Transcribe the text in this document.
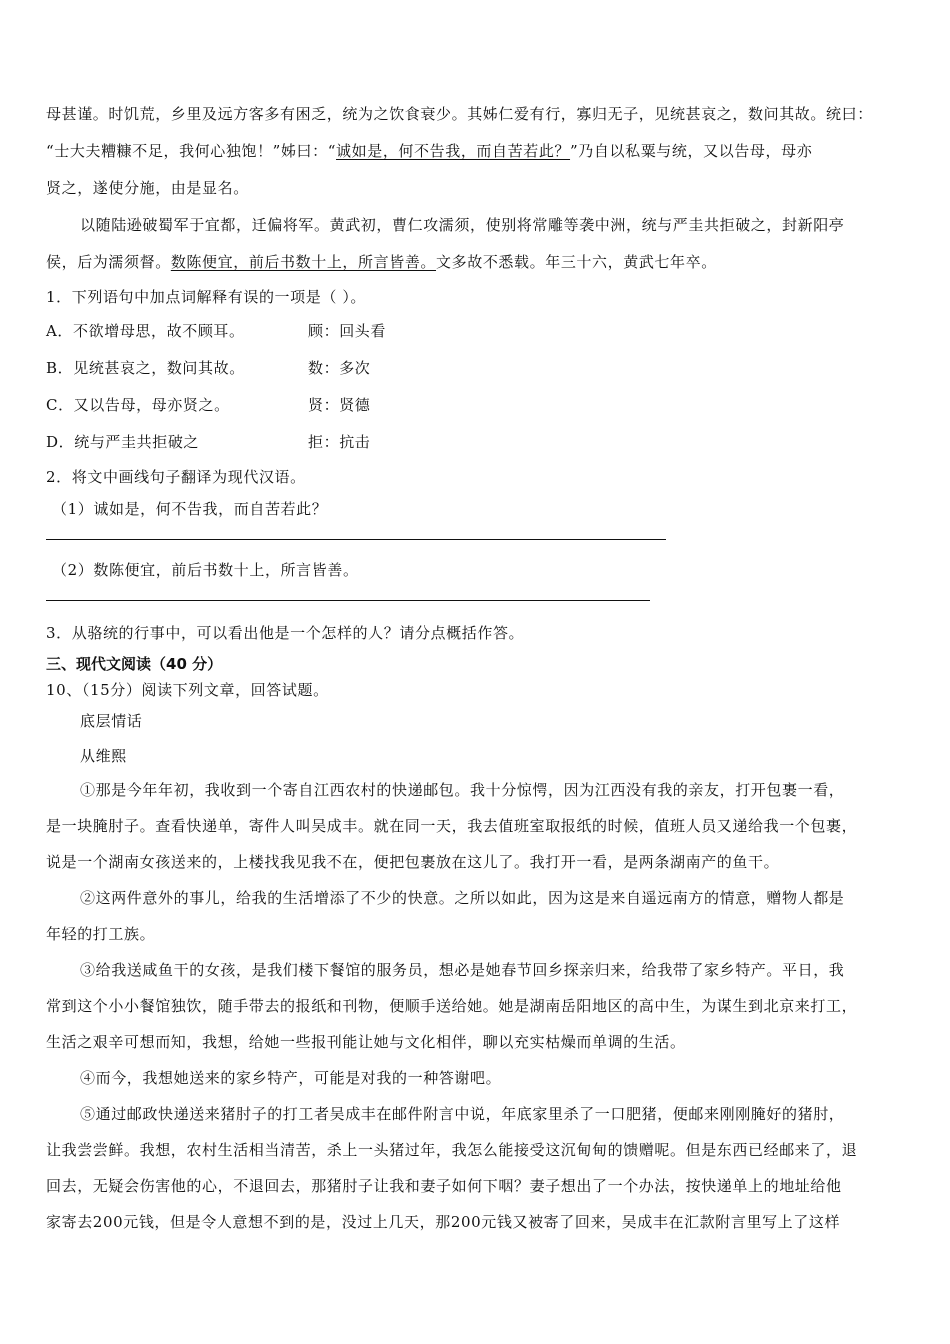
母甚谨。时饥荒，乡里及远方客多有困乏，统为之饮食衰少。其姊仁爱有行，寡归无子，见统甚哀之，数问其故。统曰：
“士大夫糟糠不足，我何心独饱！”姊曰：“诚如是，何不告我，而自苦若此？”乃自以私粟与统，又以告母，母亦
贤之，遂使分施，由是显名。
以随陆逊破蜀军于宜都，迁偏将军。黄武初，曹仁攻濡须，使别将常雕等袭中洲，统与严圭共拒破之，封新阳亭
侯，后为濡须督。数陈便宜，前后书数十上，所言皆善。文多故不悉载。年三十六，黄武七年卒。
1．下列语句中加点词解释有误的一项是（ ）。
A．不欲增母思，故不顾耳。	顾：回头看
B．见统甚哀之，数问其故。	数：多次
C．又以告母，母亦贤之。	贤：贤德
D．统与严圭共拒破之	拒：抗击
2．将文中画线句子翻译为现代汉语。
（1）诚如是，何不告我，而自苦若此？
（2）数陈便宜，前后书数十上，所言皆善。
3．从骆统的行事中，可以看出他是一个怎样的人？请分点概括作答。
三、现代文阅读（40 分）
10、（15分）阅读下列文章，回答试题。
底层情话
从维熙
①那是今年年初，我收到一个寄自江西农村的快递邮包。我十分惊愕，因为江西没有我的亲友，打开包裹一看，
是一块腌肘子。查看快递单，寄件人叫吴成丰。就在同一天，我去值班室取报纸的时候，值班人员又递给我一个包裹，
说是一个湖南女孩送来的，上楼找我见我不在，便把包裹放在这儿了。我打开一看，是两条湖南产的鱼干。
②这两件意外的事儿，给我的生活增添了不少的快意。之所以如此，因为这是来自遥远南方的情意，赠物人都是
年轻的打工族。
③给我送咸鱼干的女孩，是我们楼下餐馆的服务员，想必是她春节回乡探亲归来，给我带了家乡特产。平日，我
常到这个小小餐馆独饮，随手带去的报纸和刊物，便顺手送给她。她是湖南岳阳地区的高中生，为谋生到北京来打工，
生活之艰辛可想而知，我想，给她一些报刊能让她与文化相伴，聊以充实枯燥而单调的生活。
④而今，我想她送来的家乡特产，可能是对我的一种答谢吧。
⑤通过邮政快递送来猪肘子的打工者吴成丰在邮件附言中说，年底家里杀了一口肥猪，便邮来刚刚腌好的猪肘，
让我尝尝鲜。我想，农村生活相当清苦，杀上一头猪过年，我怎么能接受这沉甸甸的馈赠呢。但是东西已经邮来了，退
回去，无疑会伤害他的心，不退回去，那猪肘子让我和妻子如何下咽？妻子想出了一个办法，按快递单上的地址给他
家寄去200元钱，但是令人意想不到的是，没过上几天，那200元钱又被寄了回来，吴成丰在汇款附言里写上了这样
